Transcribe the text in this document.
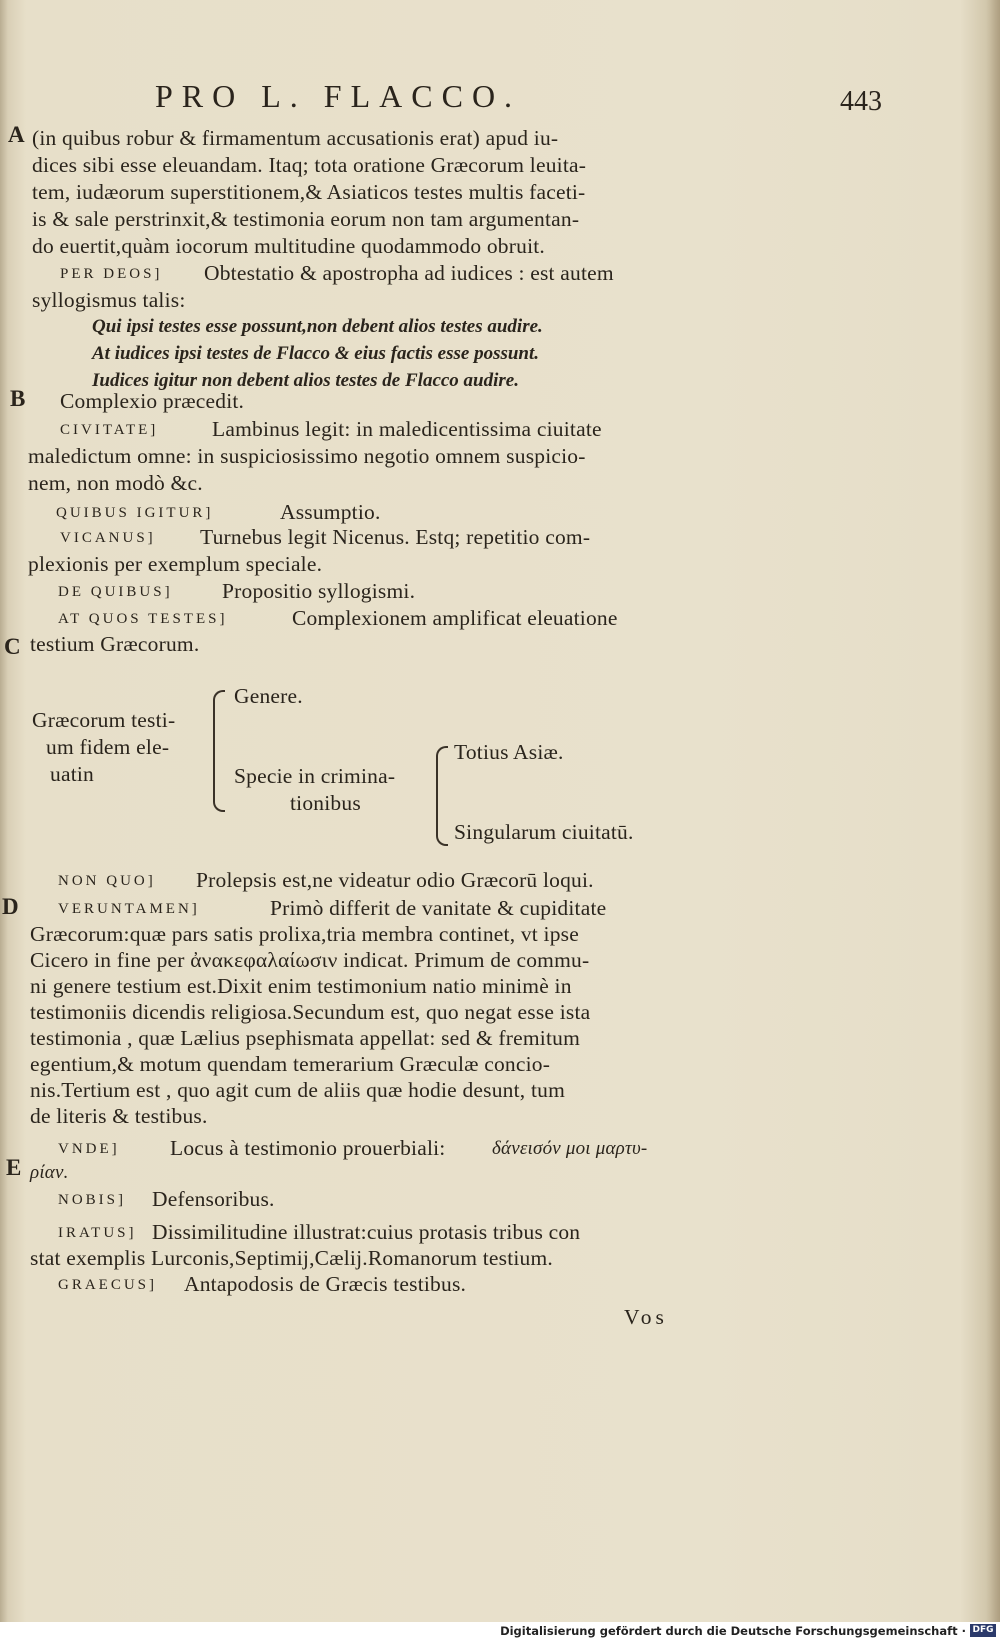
PRO L. FLACCO.	443
A
B
C
D
E
(in quibus robur & firmamentum accusationis erat) apud iu-
dices sibi esse eleuandam. Itaq; tota oratione Græcorum leuita-
tem, iudæorum superstitionem,& Asiaticos testes multis faceti-
is & sale perstrinxit,& testimonia eorum non tam argumentan-
do euertit,quàm iocorum multitudine quodammodo obruit.
PER DEOS] Obtestatio & apostropha ad iudices : est autem
syllogismus talis:
Qui ipsi testes esse possunt,non debent alios testes audire.
At iudices ipsi testes de Flacco & eius factis esse possunt.
Iudices igitur non debent alios testes de Flacco audire.
Complexio præcedit.
CIVITATE] Lambinus legit: in maledicentissima ciuitate
maledictum omne: in suspiciosissimo negotio omnem suspicio-
nem, non modò &c.
QUIBUS IGITUR]	Assumptio.
VICANUS] Turnebus legit Nicenus. Estq; repetitio com-
plexionis per exemplum speciale.
DE QUIBUS] Propositio syllogismi.
AT QUOS TESTES]	Complexionem amplificat eleuatione
testium Græcorum.
Græcorum testi-
um fidem ele-
uatin
Genere.
Specie in crimina-
tionibus
Totius Asiæ.
Singularum ciuitatū.
NON QUO] Prolepsis est,ne videatur odio Græcorū loqui.
VERUNTAMEN]	Primò differit de vanitate & cupiditate
Græcorum:quæ pars satis prolixa,tria membra continet, vt ipse
Cicero in fine per ἀνακεφαλαίωσιν indicat. Primum de commu-
ni genere testium est.Dixit enim testimonium natio minimè in
testimoniis dicendis religiosa.Secundum est, quo negat esse ista
testimonia , quæ Lælius psephismata appellat: sed & fremitum
egentium,& motum quendam temerarium Græculæ concio-
nis.Tertium est , quo agit cum de aliis quæ hodie desunt, tum
de literis & testibus.
VNDE] Locus à testimonio prouerbiali: δάνεισόν μοι μαρτυ-
ρίαν.
NOBIS] Defensoribus.
IRATUS] Dissimilitudine illustrat:cuius protasis tribus con
stat exemplis Lurconis,Septimij,Cælij.Romanorum testium.
GRAECUS] Antapodosis de Græcis testibus.
Vos
Digitalisierung gefördert durch die Deutsche Forschungsgemeinschaft · DFG
